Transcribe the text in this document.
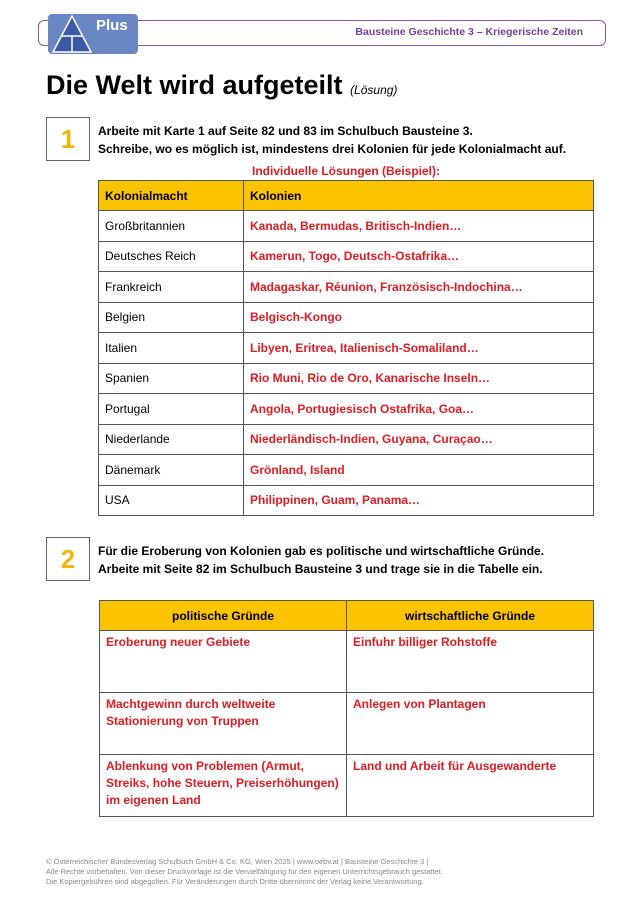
Bausteine Geschichte 3 – Kriegerische Zeiten
Plus
Die Welt wird aufgeteilt (Lösung)
1	Arbeite mit Karte 1 auf Seite 82 und 83 im Schulbuch Bausteine 3.
Schreibe, wo es möglich ist, mindestens drei Kolonien für jede Kolonialmacht auf.
Individuelle Lösungen (Beispiel):
Kolonialmacht	Kolonien
Großbritannien	Kanada, Bermudas, Britisch-Indien…
Deutsches Reich	Kamerun, Togo, Deutsch-Ostafrika…
Frankreich	Madagaskar, Réunion, Französisch-Indochina…
Belgien	Belgisch-Kongo
Italien	Libyen, Eritrea, Italienisch-Somaliland…
Spanien	Rio Muni, Rio de Oro, Kanarische Inseln…
Portugal	Angola, Portugiesisch Ostafrika, Goa…
Niederlande	Niederländisch-Indien, Guyana, Curaçao…
Dänemark	Grönland, Island
USA	Philippinen, Guam, Panama…
2	Für die Eroberung von Kolonien gab es politische und wirtschaftliche Gründe.
Arbeite mit Seite 82 im Schulbuch Bausteine 3 und trage sie in die Tabelle ein.
politische Gründe	wirtschaftliche Gründe
Eroberung neuer Gebiete	Einfuhr billiger Rohstoffe
Machtgewinn durch weltweite Stationierung von Truppen	Anlegen von Plantagen
Ablenkung von Problemen (Armut, Streiks, hohe Steuern, Preiserhöhungen) im eigenen Land	Land und Arbeit für Ausgewanderte
© Österreichischer Bundesverlag Schulbuch GmbH & Co. KG, Wien 2025 | www.oebv.at | Bausteine Geschichte 3 |
Alle Rechte vorbehalten. Von dieser Druckvorlage ist die Vervielfältigung für den eigenen Unterrichtsgebrauch gestattet.
Die Kopiergebühren sind abgegolten. Für Veränderungen durch Dritte übernimmt der Verlag keine Verantwortung.
